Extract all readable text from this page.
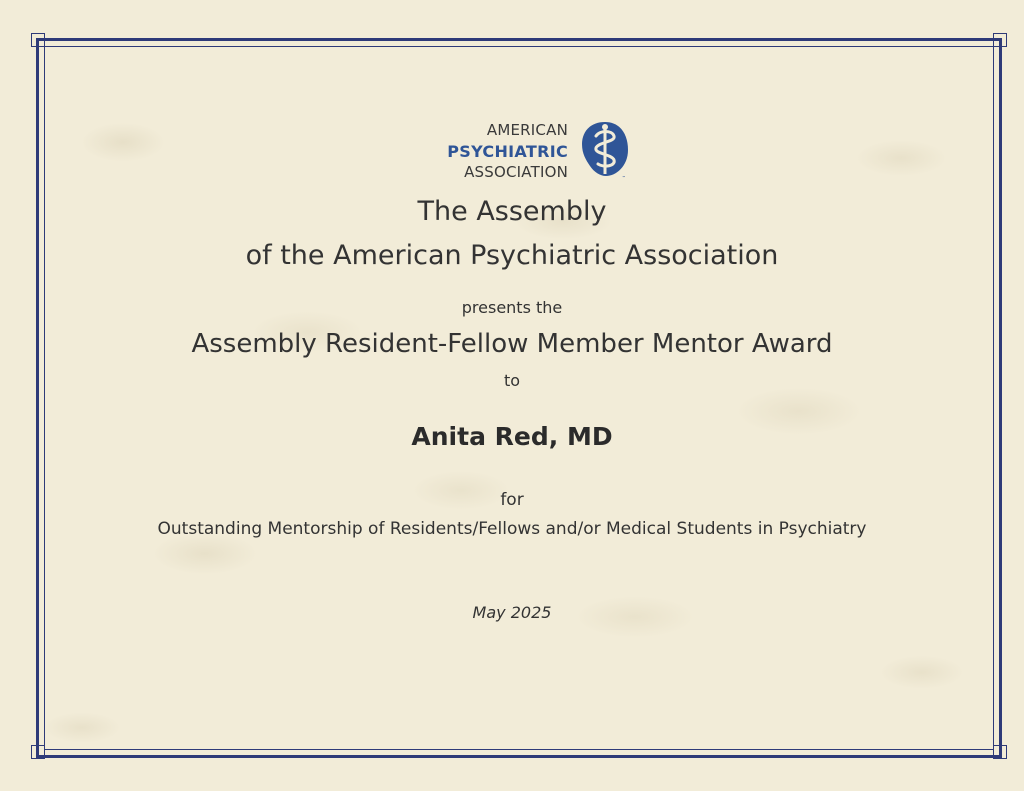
AMERICAN
PSYCHIATRIC
ASSOCIATION	™
The Assembly
of the American Psychiatric Association
presents the
Assembly Resident-Fellow Member Mentor Award
to
Anita Red, MD
for
Outstanding Mentorship of Residents/Fellows and/or Medical Students in Psychiatry
May 2025
